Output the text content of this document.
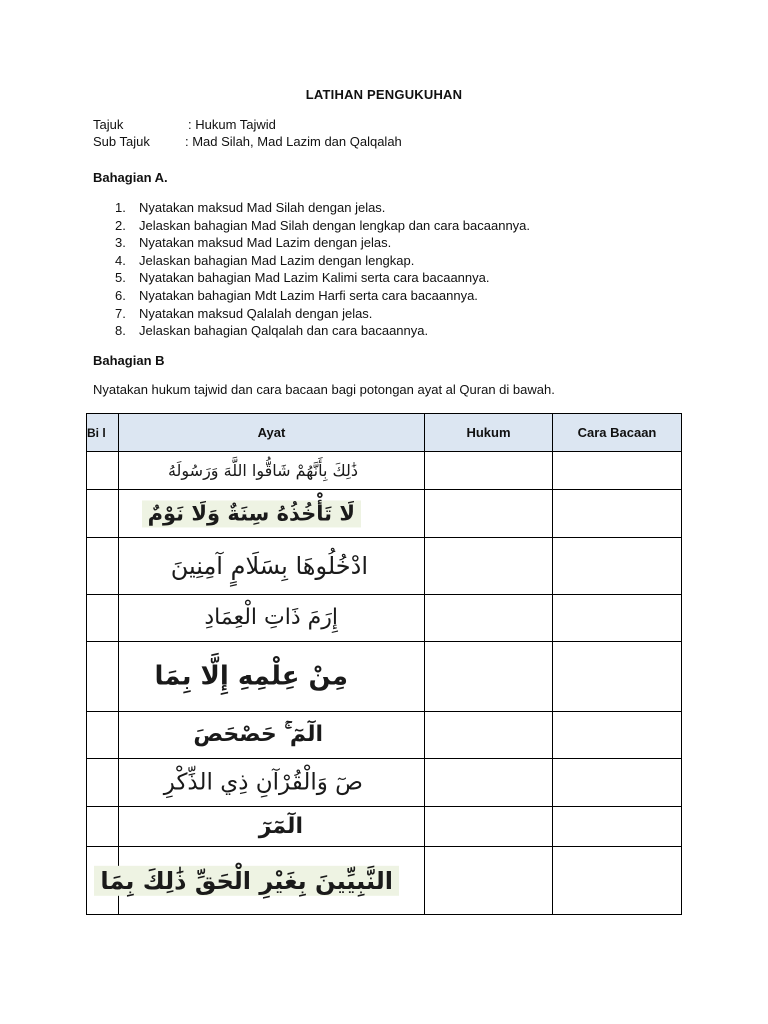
LATIHAN PENGUKUHAN
Tajuk	: Hukum Tajwid
Sub Tajuk	: Mad Silah, Mad Lazim dan Qalqalah
Bahagian A.
1.	Nyatakan maksud Mad Silah dengan jelas.
2.	Jelaskan bahagian Mad Silah dengan lengkap dan cara bacaannya.
3.	Nyatakan maksud Mad Lazim dengan jelas.
4.	Jelaskan bahagian Mad Lazim dengan lengkap.
5.	Nyatakan bahagian Mad Lazim Kalimi serta cara bacaannya.
6.	Nyatakan bahagian Mdt Lazim Harfi serta cara bacaannya.
7.	Nyatakan maksud Qalalah dengan jelas.
8.	Jelaskan bahagian Qalqalah dan cara bacaannya.
Bahagian B
Nyatakan hukum tajwid dan cara bacaan bagi potongan ayat al Quran di bawah.
Bi l	Ayat	Hukum	Cara Bacaan

	ذَٰلِكَ بِأَنَّهُمْ شَاقُّوا اللَّهَ وَرَسُولَهُ		

	لَا تَأْخُذُهُ سِنَةٌ وَلَا نَوْمٌ		

	ادْخُلُوهَا بِسَلَامٍ آمِنِينَ		

	إِرَمَ ذَاتِ الْعِمَادِ		

	مِنْ عِلْمِهِ إِلَّا بِمَا		

	الٓمٓ ۚ حَصْحَصَ		

	صٓ وَالْقُرْآنِ ذِي الذِّكْرِ		

	الٓمٓرٓ		

	النَّبِيِّينَ بِغَيْرِ الْحَقِّ ذَٰلِكَ بِمَا		
